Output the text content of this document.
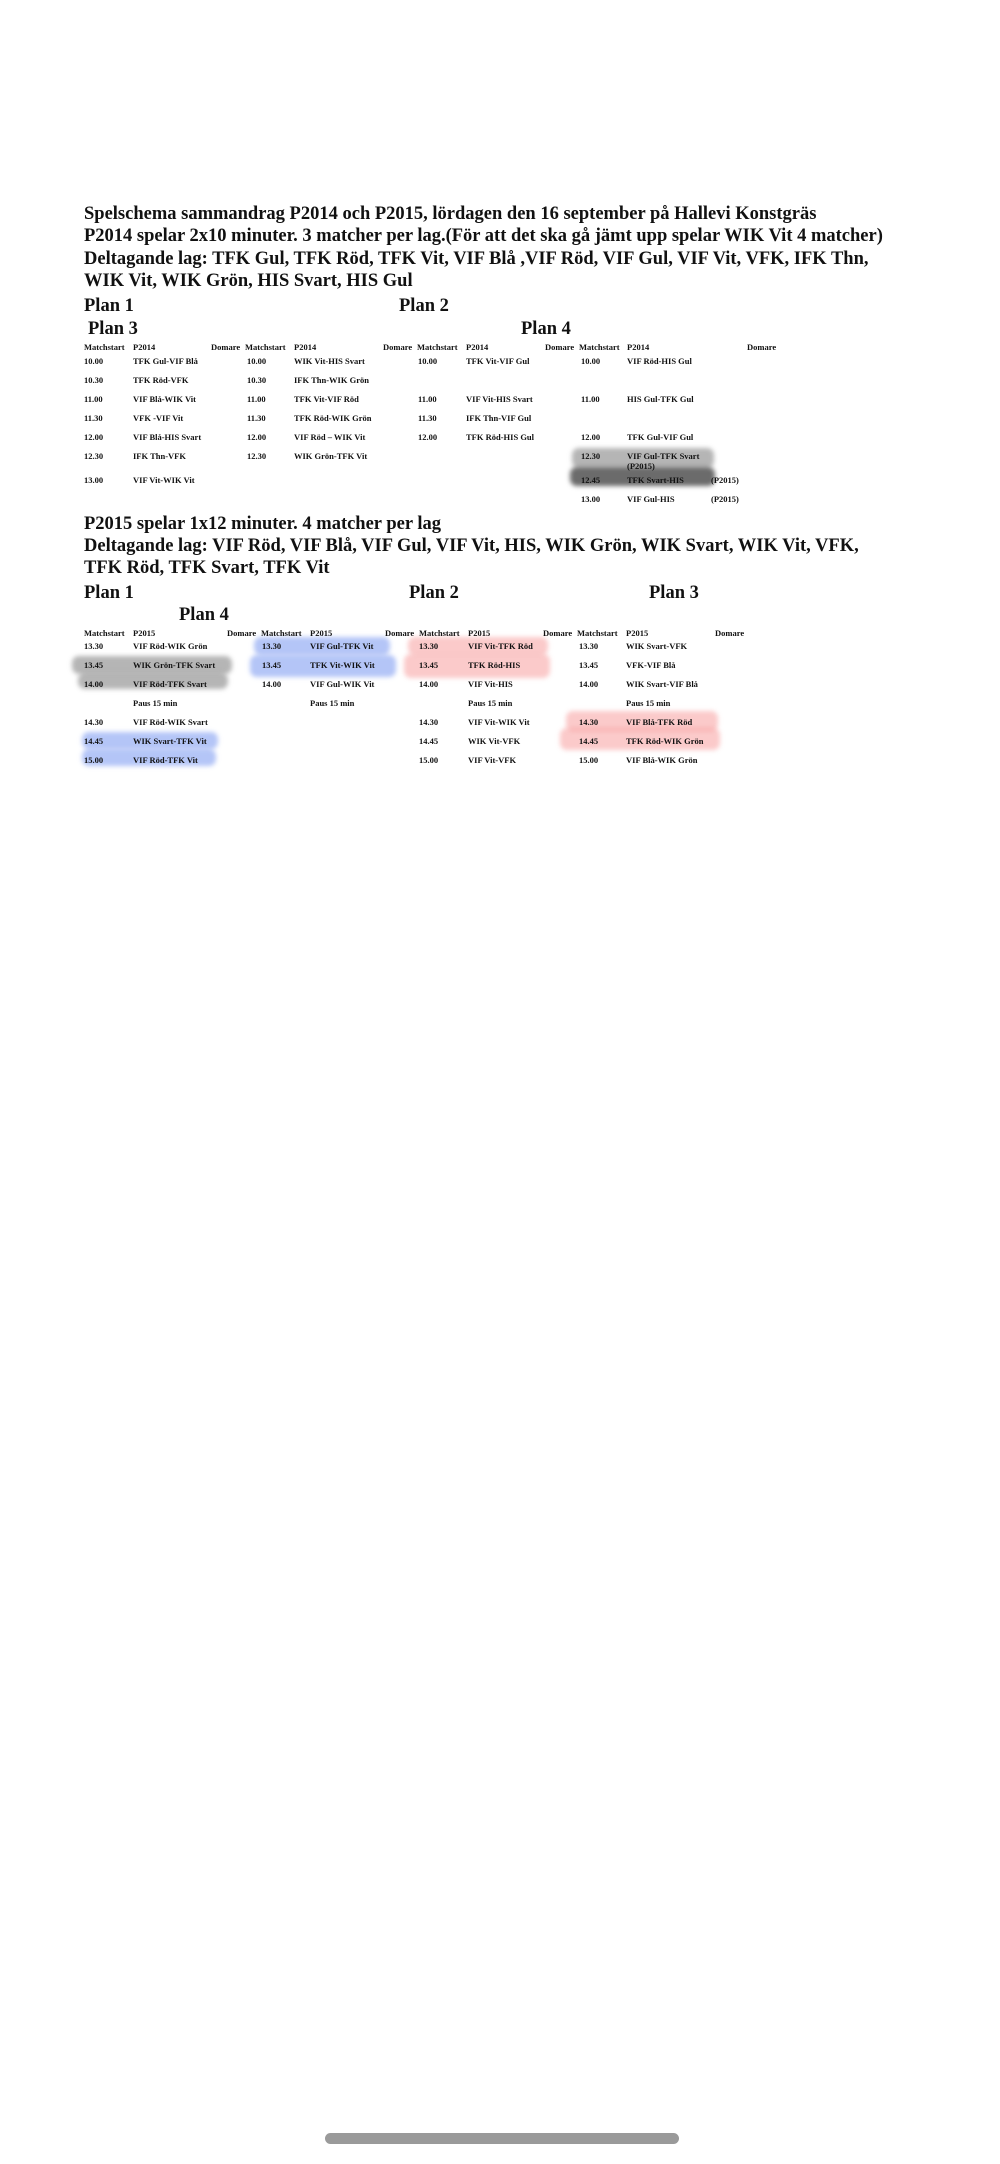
Spelschema sammandrag P2014 och P2015, lördagen den 16 september på Hallevi Konstgräs
P2014 spelar 2x10 minuter. 3 matcher per lag.(För att det ska gå jämt upp spelar WIK Vit 4 matcher)
Deltagande lag: TFK Gul, TFK Röd, TFK Vit, VIF Blå ,VIF Röd, VIF Gul, VIF Vit, VFK, IFK Thn,
WIK Vit, WIK Grön, HIS Svart, HIS Gul
Plan 1	Plan 2
Plan 3	Plan 4
Matchstart P2014	Domare Matchstart P2014	Domare Matchstart P2014	Domare Matchstart P2014	Domare
10.00	TFK Gul-VIF Blå
10.30	TFK Röd-VFK
11.00	VIF Blå-WIK Vit
11.30	VFK -VIF Vit
12.00	VIF Blå-HIS Svart
12.30	IFK Thn-VFK
13.00	VIF Vit-WIK Vit
10.00	WIK Vit-HIS Svart
10.30	IFK Thn-WIK Grön
11.00	TFK Vit-VIF Röd
11.30	TFK Röd-WIK Grön
12.00	VIF Röd – WIK Vit
12.30	WIK Grön-TFK Vit
10.00	TFK Vit-VIF Gul
11.00	VIF Vit-HIS Svart
11.30	IFK Thn-VIF Gul
12.00	TFK Röd-HIS Gul
10.00	VIF Röd-HIS Gul
11.00	HIS Gul-TFK Gul
12.00	TFK Gul-VIF Gul
12.30	VIF Gul-TFK Svart
(P2015)
12.45	TFK Svart-HIS	(P2015)
13.00	VIF Gul-HIS	(P2015)
P2015 spelar 1x12 minuter. 4 matcher per lag
Deltagande lag: VIF Röd, VIF Blå, VIF Gul, VIF Vit, HIS, WIK Grön, WIK Svart, WIK Vit, VFK,
TFK Röd, TFK Svart, TFK Vit
Plan 1	Plan 2	Plan 3
Plan 4
Matchstart P2015	Domare Matchstart P2015	Domare Matchstart P2015	Domare Matchstart P2015	Domare
13.30	VIF Röd-WIK Grön
13.45	WIK Grön-TFK Svart
14.00	VIF Röd-TFK Svart
Paus 15 min
14.30	VIF Röd-WIK Svart
14.45	WIK Svart-TFK Vit
15.00	VIF Röd-TFK Vit
13.30	VIF Gul-TFK Vit
13.45	TFK Vit-WIK Vit
14.00	VIF Gul-WIK Vit
Paus 15 min
13.30	VIF Vit-TFK Röd
13.45	TFK Röd-HIS
14.00	VIF Vit-HIS
Paus 15 min
14.30	VIF Vit-WIK Vit
14.45	WIK Vit-VFK
15.00	VIF Vit-VFK
13.30	WIK Svart-VFK
13.45	VFK-VIF Blå
14.00	WIK Svart-VIF Blå
Paus 15 min
14.30	VIF Blå-TFK Röd
14.45	TFK Röd-WIK Grön
15.00	VIF Blå-WIK Grön
